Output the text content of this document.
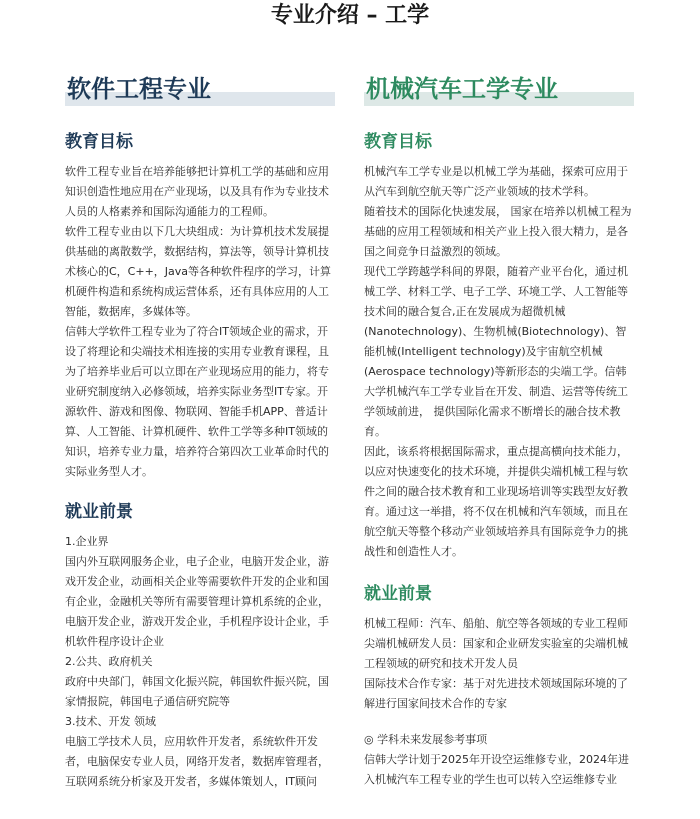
专业介绍 – 工学
软件工程专业
教育目标

软件工程专业旨在培养能够把计算机工学的基础和应用知识创造性地应用在产业现场，以及具有作为专业技术人员的人格素养和国际沟通能力的工程师。

软件工程专业由以下几大块组成：为计算机技术发展提供基础的离散数学，数据结构，算法等，领导计算机技术核心的C，C++，Java等各种软件程序的学习，计算机硬件构造和系统构成运营体系，还有具体应用的人工智能，数据库，多媒体等。

信韩大学软件工程专业为了符合IT领域企业的需求，开设了将理论和尖端技术相连接的实用专业教育课程，且为了培养毕业后可以立即在产业现场应用的能力，将专业研究制度纳入必修领域，培养实际业务型IT专家。开源软件、游戏和图像、物联网、智能手机APP、普适计算、人工智能、计算机硬件、软件工学等多种IT领域的知识，培养专业力量，培养符合第四次工业革命时代的实际业务型人才。

就业前景

1.企业界

国内外互联网服务企业，电子企业，电脑开发企业，游戏开发企业，动画相关企业等需要软件开发的企业和国有企业，金融机关等所有需要管理计算机系统的企业，电脑开发企业，游戏开发企业，手机程序设计企业，手机软件程序设计企业

2.公共、政府机关

政府中央部门，韩国文化振兴院，韩国软件振兴院，国家情报院，韩国电子通信研究院等

3.技术、开发 领域

电脑工学技术人员，应用软件开发者，系统软件开发者，电脑保安专业人员，网络开发者，数据库管理者，互联网系统分析家及开发者，多媒体策划人，IT顾问

机械汽车工学专业
教育目标

机械汽车工学专业是以机械工学为基础，探索可应用于从汽车到航空航天等广泛产业领域的技术学科。

随着技术的国际化快速发展， 国家在培养以机械工程为基础的应用工程领域和相关产业上投入很大精力，是各国之间竞争日益激烈的领域。

现代工学跨越学科间的界限，随着产业平台化，通过机械工学、材料工学、电子工学、环境工学、人工智能等技术间的融合复合,正在发展成为超微机械(Nanotechnology)、生物机械(Biotechnology)、智能机械(Intelligent technology)及宇宙航空机械(Aerospace technology)等新形态的尖端工学。信韩大学机械汽车工学专业旨在开发、制造、运营等传统工学领域前进， 提供国际化需求不断增长的融合技术教育。

因此，该系将根据国际需求，重点提高横向技术能力，以应对快速变化的技术环境，并提供尖端机械工程与软件之间的融合技术教育和工业现场培训等实践型友好教育。通过这一举措，将不仅在机械和汽车领域，而且在航空航天等整个移动产业领域培养具有国际竞争力的挑战性和创造性人才。

就业前景

机械工程师：汽车、船舶、航空等各领域的专业工程师

尖端机械研发人员：国家和企业研发实验室的尖端机械工程领域的研究和技术开发人员

国际技术合作专家：基于对先进技术领域国际环境的了解进行国家间技术合作的专家

◎ 学科未来发展参考事项

信韩大学计划于2025年开设空运维修专业，2024年进入机械汽车工程专业的学生也可以转入空运维修专业
